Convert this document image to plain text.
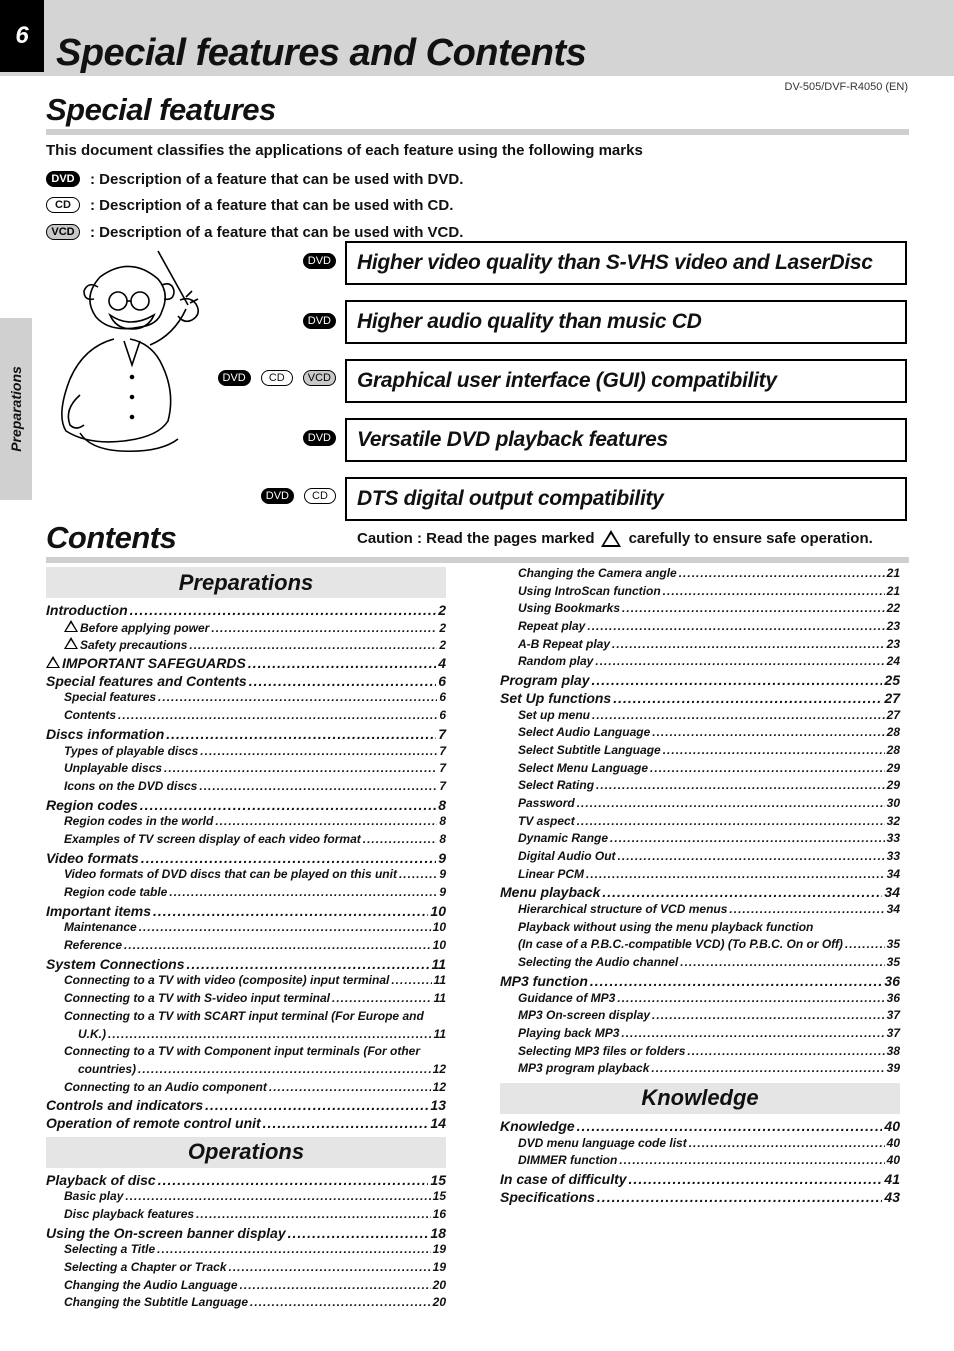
6 Special features and Contents
DV-505/DVF-R4050 (EN)
Preparations
Special features
This document classifies the applications of each feature using the following marks
DVD	: Description of a feature that can be used with DVD.
CD	: Description of a feature that can be used with CD.
VCD	: Description of a feature that can be used with VCD.
DVD	Higher video quality than S-VHS video and LaserDisc
DVD	Higher audio quality than music CD
DVD	CD	VCD	Graphical user interface (GUI) compatibility
DVD	Versatile DVD playback features
DVD	CD	DTS digital output compatibility
Contents	Caution : Read the pages marked carefully to ensure safe operation.
Preparations
Introduction .....	2
Before applying power .....	2
Safety precautions .....	2
IMPORTANT SAFEGUARDS .....	4
Special features and Contents .....	6
Special features .....	6
Contents .....	6
Discs information .....	7
Types of playable discs .....	7
Unplayable discs .....	7
Icons on the DVD discs .....	7
Region codes .....	8
Region codes in the world .....	8
Examples of TV screen display of each video format .....	8
Video formats .....	9
Video formats of DVD discs that can be played on this unit .....	9
Region code table .....	9
Important items .....	10
Maintenance .....	10
Reference .....	10
System Connections .....	11
Connecting to a TV with video (composite) input terminal .....	11
Connecting to a TV with S-video input terminal .....	11
Connecting to a TV with SCART input terminal (For Europe and
U.K.) .....	11
Connecting to a TV with Component input terminals (For other
countries) .....	12
Connecting to an Audio component .....	12
Controls and indicators .....	13
Operation of remote control unit .....	14
Operations
Playback of disc .....	15
Basic play .....	15
Disc playback features .....	16
Using the On-screen banner display .....	18
Selecting a Title .....	19
Selecting a Chapter or Track .....	19
Changing the Audio Language .....	20
Changing the Subtitle Language .....	20
Changing the Camera angle .....	21
Using IntroScan function .....	21
Using Bookmarks .....	22
Repeat play .....	23
A-B Repeat play .....	23
Random play .....	24
Program play .....	25
Set Up functions .....	27
Set up menu .....	27
Select Audio Language .....	28
Select Subtitle Language .....	28
Select Menu Language .....	29
Select Rating .....	29
Password .....	30
TV aspect .....	32
Dynamic Range .....	33
Digital Audio Out .....	33
Linear PCM .....	34
Menu playback .....	34
Hierarchical structure of VCD menus .....	34
Playback without using the menu playback function
(In case of a P.B.C.-compatible VCD) (To P.B.C. On or Off) .....	35
Selecting the Audio channel .....	35
MP3 function .....	36
Guidance of MP3 .....	36
MP3 On-screen display .....	37
Playing back MP3 .....	37
Selecting MP3 files or folders .....	38
MP3 program playback .....	39
Knowledge
Knowledge .....	40
DVD menu language code list .....	40
DIMMER function .....	40
In case of difficulty .....	41
Specifications .....	43
